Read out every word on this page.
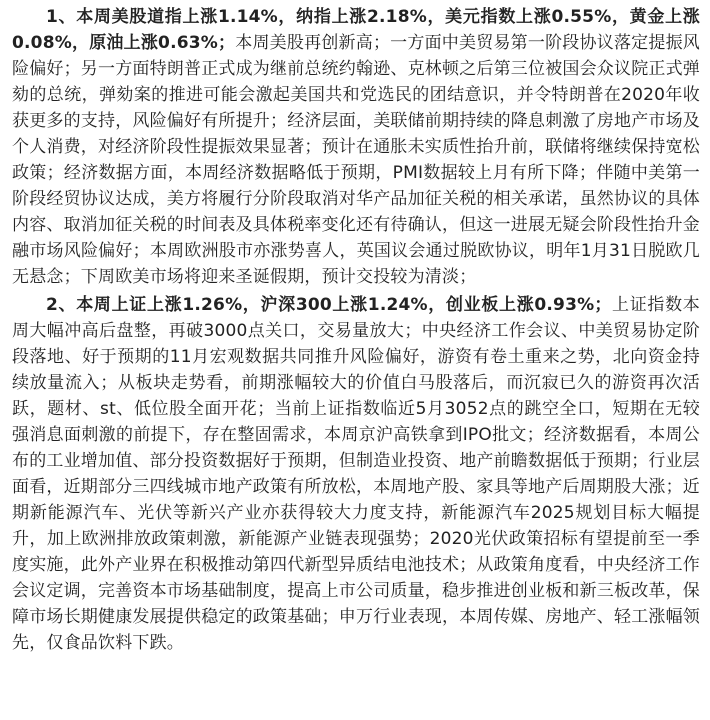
1、本周美股道指上涨1.14%，纳指上涨2.18%，美元指数上涨0.55%，黄金上涨0.08%，原油上涨0.63%；本周美股再创新高；一方面中美贸易第一阶段协议落定提振风险偏好；另一方面特朗普正式成为继前总统约翰逊、克林顿之后第三位被国会众议院正式弹劾的总统，弹劾案的推进可能会激起美国共和党选民的团结意识，并令特朗普在2020年收获更多的支持，风险偏好有所提升；经济层面，美联储前期持续的降息刺激了房地产市场及个人消费，对经济阶段性提振效果显著；预计在通胀未实质性抬升前，联储将继续保持宽松政策；经济数据方面，本周经济数据略低于预期，PMI数据较上月有所下降；伴随中美第一阶段经贸协议达成，美方将履行分阶段取消对华产品加征关税的相关承诺，虽然协议的具体内容、取消加征关税的时间表及具体税率变化还有待确认，但这一进展无疑会阶段性抬升金融市场风险偏好；本周欧洲股市亦涨势喜人，英国议会通过脱欧协议，明年1月31日脱欧几无悬念；下周欧美市场将迎来圣诞假期，预计交投较为清淡；

2、本周上证上涨1.26%，沪深300上涨1.24%，创业板上涨0.93%；上证指数本周大幅冲高后盘整，再破3000点关口，交易量放大；中央经济工作会议、中美贸易协定阶段落地、好于预期的11月宏观数据共同推升风险偏好，游资有卷土重来之势，北向资金持续放量流入；从板块走势看，前期涨幅较大的价值白马股落后，而沉寂已久的游资再次活跃，题材、st、低位股全面开花；当前上证指数临近5月3052点的跳空全口，短期在无较强消息面刺激的前提下，存在整固需求，本周京沪高铁拿到IPO批文；经济数据看，本周公布的工业增加值、部分投资数据好于预期，但制造业投资、地产前瞻数据低于预期；行业层面看，近期部分三四线城市地产政策有所放松，本周地产股、家具等地产后周期股大涨；近期新能源汽车、光伏等新兴产业亦获得较大力度支持，新能源汽车2025规划目标大幅提升，加上欧洲排放政策刺激，新能源产业链表现强势；2020光伏政策招标有望提前至一季度实施，此外产业界在积极推动第四代新型异质结电池技术；从政策角度看，中央经济工作会议定调，完善资本市场基础制度，提高上市公司质量，稳步推进创业板和新三板改革，保障市场长期健康发展提供稳定的政策基础；申万行业表现，本周传媒、房地产、轻工涨幅领先，仅食品饮料下跌。
